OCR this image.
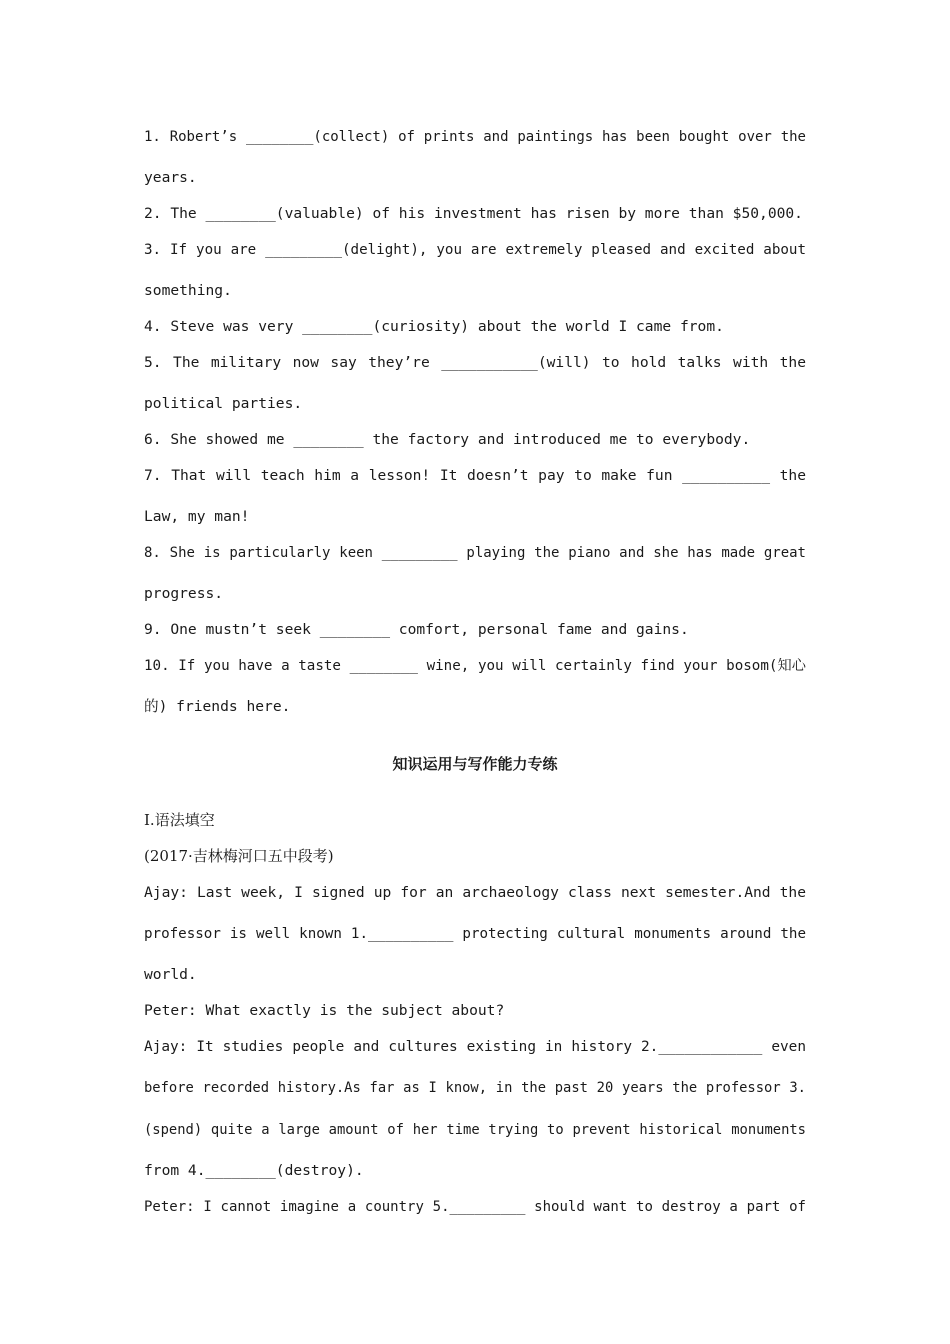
1. Robert’s ________(collect) of prints and paintings has been bought over the
years.
2. The ________(valuable) of his investment has risen by more than $50,000.
3. If you are _________(delight), you are extremely pleased and excited about
something.
4. Steve was very ________(curiosity) about the world I came from.
5. The military now say they’re ___________(will) to hold talks with the
political parties.
6. She showed me ________ the factory and introduced me to everybody.
7. That will teach him a lesson! It doesn’t pay to make fun __________ the
Law, my man!
8. She is particularly keen _________ playing the piano and she has made great
progress.
9. One mustn’t seek ________ comfort, personal fame and gains.
10. If you have a taste ________ wine, you will certainly find your bosom(知心
的) friends here.
知识运用与写作能力专练
Ⅰ.语法填空
(2017·吉林梅河口五中段考)
Ajay: Last week, I signed up for an archaeology class next semester.And the
professor is well known 1.__________ protecting cultural monuments around the
world.
Peter: What exactly is the subject about?
Ajay: It studies people and cultures existing in history 2.____________ even
before recorded history.As far as I know, in the past 20 years the professor 3.
(spend) quite a large amount of her time trying to prevent historical monuments
from 4.________(destroy).
Peter: I cannot imagine a country 5._________ should want to destroy a part of
